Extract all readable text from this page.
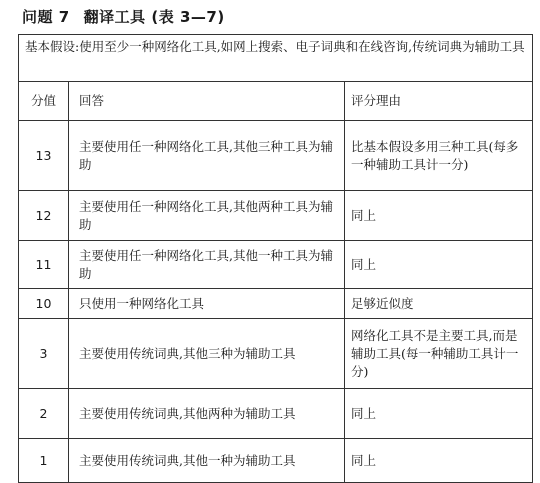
问题 7 翻译工具 (表 3—7)
基本假设:使用至少一种网络化工具,如网上搜索、电子词典和在线咨询,传统词典为辅助工具		
分值	回答	评分理由
13	主要使用任一种网络化工具,其他三种工具为辅助	比基本假设多用三种工具(每多一种辅助工具计一分)
12	主要使用任一种网络化工具,其他两种工具为辅助	同上
11	主要使用任一种网络化工具,其他一种工具为辅助	同上
10	只使用一种网络化工具	足够近似度
3	主要使用传统词典,其他三种为辅助工具	网络化工具不是主要工具,而是辅助工具(每一种辅助工具计一分)
2	主要使用传统词典,其他两种为辅助工具	同上
1	主要使用传统词典,其他一种为辅助工具	同上
